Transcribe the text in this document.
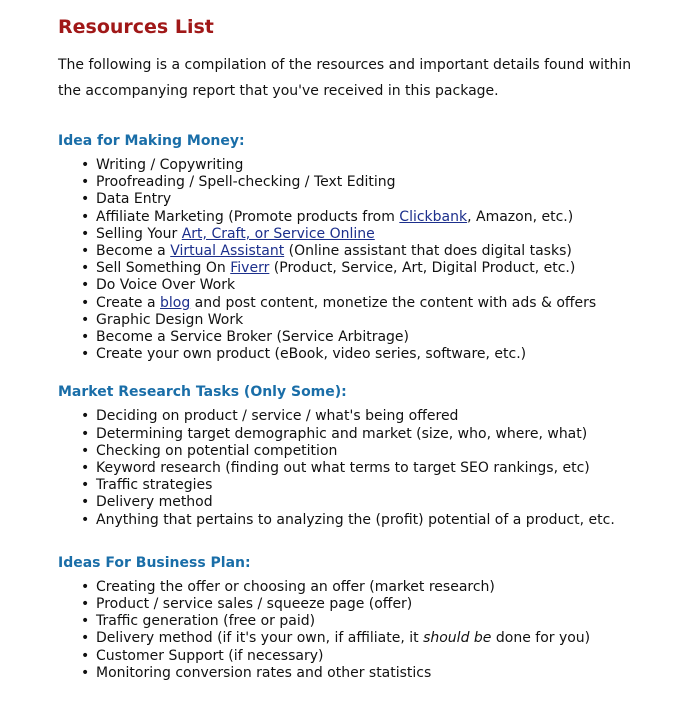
Resources List

The following is a compilation of the resources and important details found within the accompanying report that you've received in this package.

Idea for Making Money:
• Writing / Copywriting
• Proofreading / Spell-checking / Text Editing
• Data Entry
• Affiliate Marketing (Promote products from Clickbank, Amazon, etc.)
• Selling Your Art, Craft, or Service Online
• Become a Virtual Assistant (Online assistant that does digital tasks)
• Sell Something On Fiverr (Product, Service, Art, Digital Product, etc.)
• Do Voice Over Work
• Create a blog and post content, monetize the content with ads & offers
• Graphic Design Work
• Become a Service Broker (Service Arbitrage)
• Create your own product (eBook, video series, software, etc.)
Market Research Tasks (Only Some):
• Deciding on product / service / what's being offered
• Determining target demographic and market (size, who, where, what)
• Checking on potential competition
• Keyword research (finding out what terms to target SEO rankings, etc)
• Traffic strategies
• Delivery method
• Anything that pertains to analyzing the (profit) potential of a product, etc.
Ideas For Business Plan:
• Creating the offer or choosing an offer (market research)
• Product / service sales / squeeze page (offer)
• Traffic generation (free or paid)
• Delivery method (if it's your own, if affiliate, it should be done for you)
• Customer Support (if necessary)
• Monitoring conversion rates and other statistics
